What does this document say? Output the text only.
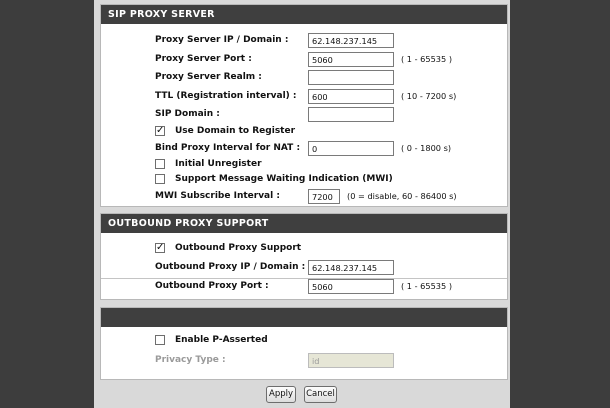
SIP PROXY SERVER
Proxy Server IP / Domain :	62.148.237.145
Proxy Server Port :	5060	( 1 - 65535 )
Proxy Server Realm :
TTL (Registration interval) :	600	( 10 - 7200 s)
SIP Domain :
✓ Use Domain to Register
Bind Proxy Interval for NAT :	0	( 0 - 1800 s)
Initial Unregister
Support Message Waiting Indication (MWI)
MWI Subscribe Interval :	7200	(0 = disable, 60 - 86400 s)
OUTBOUND PROXY SUPPORT
✓ Outbound Proxy Support
Outbound Proxy IP / Domain : 62.148.237.145
Outbound Proxy Port :	5060	( 1 - 65535 )
Enable P-Asserted
Privacy Type :	id
Apply	Cancel
